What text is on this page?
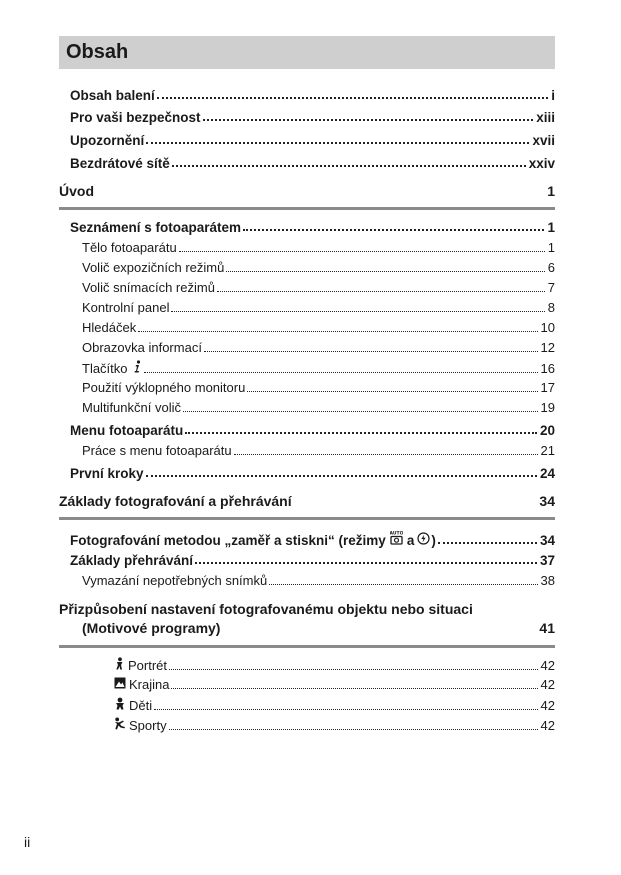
Obsah
Obsah balení	i
Pro vaši bezpečnost	xiii
Upozornění	xvii
Bezdrátové sítě	xxiv
Úvod	1
Seznámení s fotoaparátem	1
Tělo fotoaparátu	1
Volič expozičních režimů	6
Volič snímacích režimů	7
Kontrolní panel	8
Hledáček	10
Obrazovka informací	12
Tlačítko	16
Použití výklopného monitoru	17
Multifunkční volič	19
Menu fotoaparátu	20
Práce s menu fotoaparátu	21
První kroky	24
Základy fotografování a přehrávání	34
Fotografování metodou „zaměř a stiskni“ (režimy AUTO a )	34
Základy přehrávání	37
Vymazání nepotřebných snímků	38
Přizpůsobení nastavení fotografovanému objektu nebo situaci
(Motivové programy)	41
Portrét	42
Krajina	42
Děti	42
Sporty	42
ii
